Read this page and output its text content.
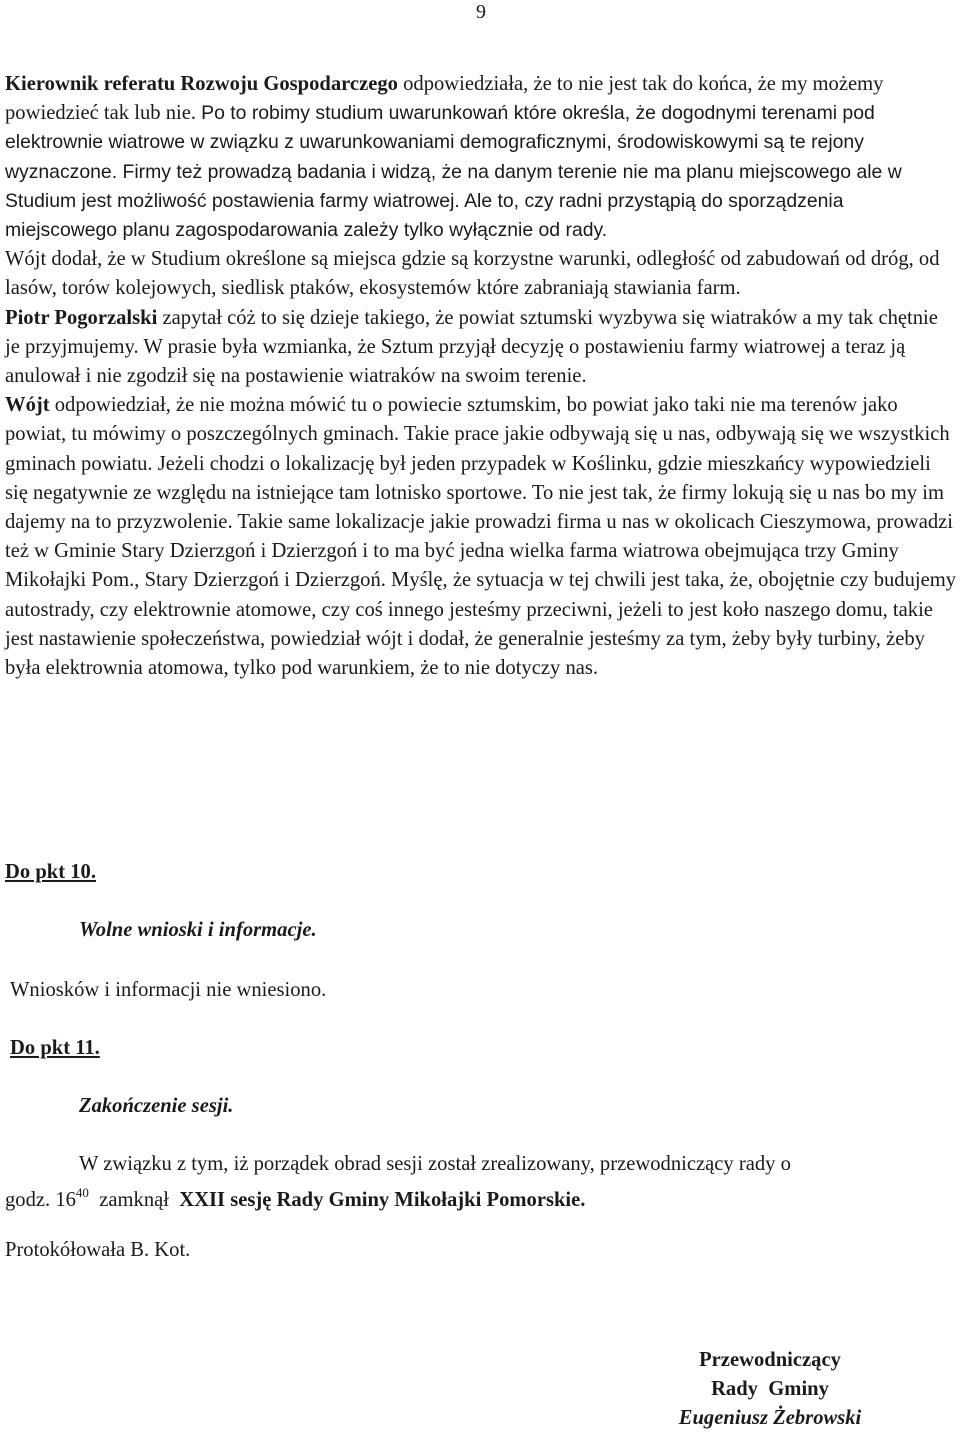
9
Kierownik referatu Rozwoju Gospodarczego odpowiedziała, że to nie jest tak do końca, że my możemy powiedzieć tak lub nie. Po to robimy studium uwarunkowań które określa, że dogodnymi terenami pod elektrownie wiatrowe w związku z uwarunkowaniami demograficznymi, środowiskowymi są te rejony wyznaczone. Firmy też prowadzą badania i widzą, że na danym terenie nie ma planu miejscowego ale w Studium jest możliwość postawienia farmy wiatrowej. Ale to, czy radni przystąpią do sporządzenia miejscowego planu zagospodarowania zależy tylko wyłącznie od rady.
Wójt dodał, że w Studium określone są miejsca gdzie są korzystne warunki, odległość od zabudowań od dróg, od lasów, torów kolejowych, siedlisk ptaków, ekosystemów które zabraniają stawiania farm.
Piotr Pogorzalski zapytał cóż to się dzieje takiego, że powiat sztumski wyzbywa się wiatraków a my tak chętnie je przyjmujemy. W prasie była wzmianka, że Sztum przyjął decyzję o postawieniu farmy wiatrowej a teraz ją anulował i nie zgodził się na postawienie wiatraków na swoim terenie.
Wójt odpowiedział, że nie można mówić tu o powiecie sztumskim, bo powiat jako taki nie ma terenów jako powiat, tu mówimy o poszczególnych gminach. Takie prace jakie odbywają się u nas, odbywają się we wszystkich gminach powiatu. Jeżeli chodzi o lokalizację był jeden przypadek w Koślinku, gdzie mieszkańcy wypowiedzieli się negatywnie ze względu na istniejące tam lotnisko sportowe. To nie jest tak, że firmy lokują się u nas bo my im dajemy na to przyzwolenie. Takie same lokalizacje jakie prowadzi firma u nas w okolicach Cieszymowa, prowadzi też w Gminie Stary Dzierzgoń i Dzierzgoń i to ma być jedna wielka farma wiatrowa obejmująca trzy Gminy Mikołajki Pom., Stary Dzierzgoń i Dzierzgoń. Myślę, że sytuacja w tej chwili jest taka, że, obojętnie czy budujemy autostrady, czy elektrownie atomowe, czy coś innego jesteśmy przeciwni, jeżeli to jest koło naszego domu, takie jest nastawienie społeczeństwa, powiedział wójt i dodał, że generalnie jesteśmy za tym, żeby były turbiny, żeby była elektrownia atomowa, tylko pod warunkiem, że to nie dotyczy nas.
Do pkt 10.
Wolne wnioski i informacje.
Wniosków i informacji nie wniesiono.
Do pkt 11.
Zakończenie sesji.
W związku z tym, iż porządek obrad sesji został zrealizowany, przewodniczący rady o
godz. $16^{40}$  zamknął  XXII sesję Rady Gminy Mikołajki Pomorskie.
Protokółowała B. Kot.
Przewodniczący
Rady  Gminy
Eugeniusz Żebrowski
